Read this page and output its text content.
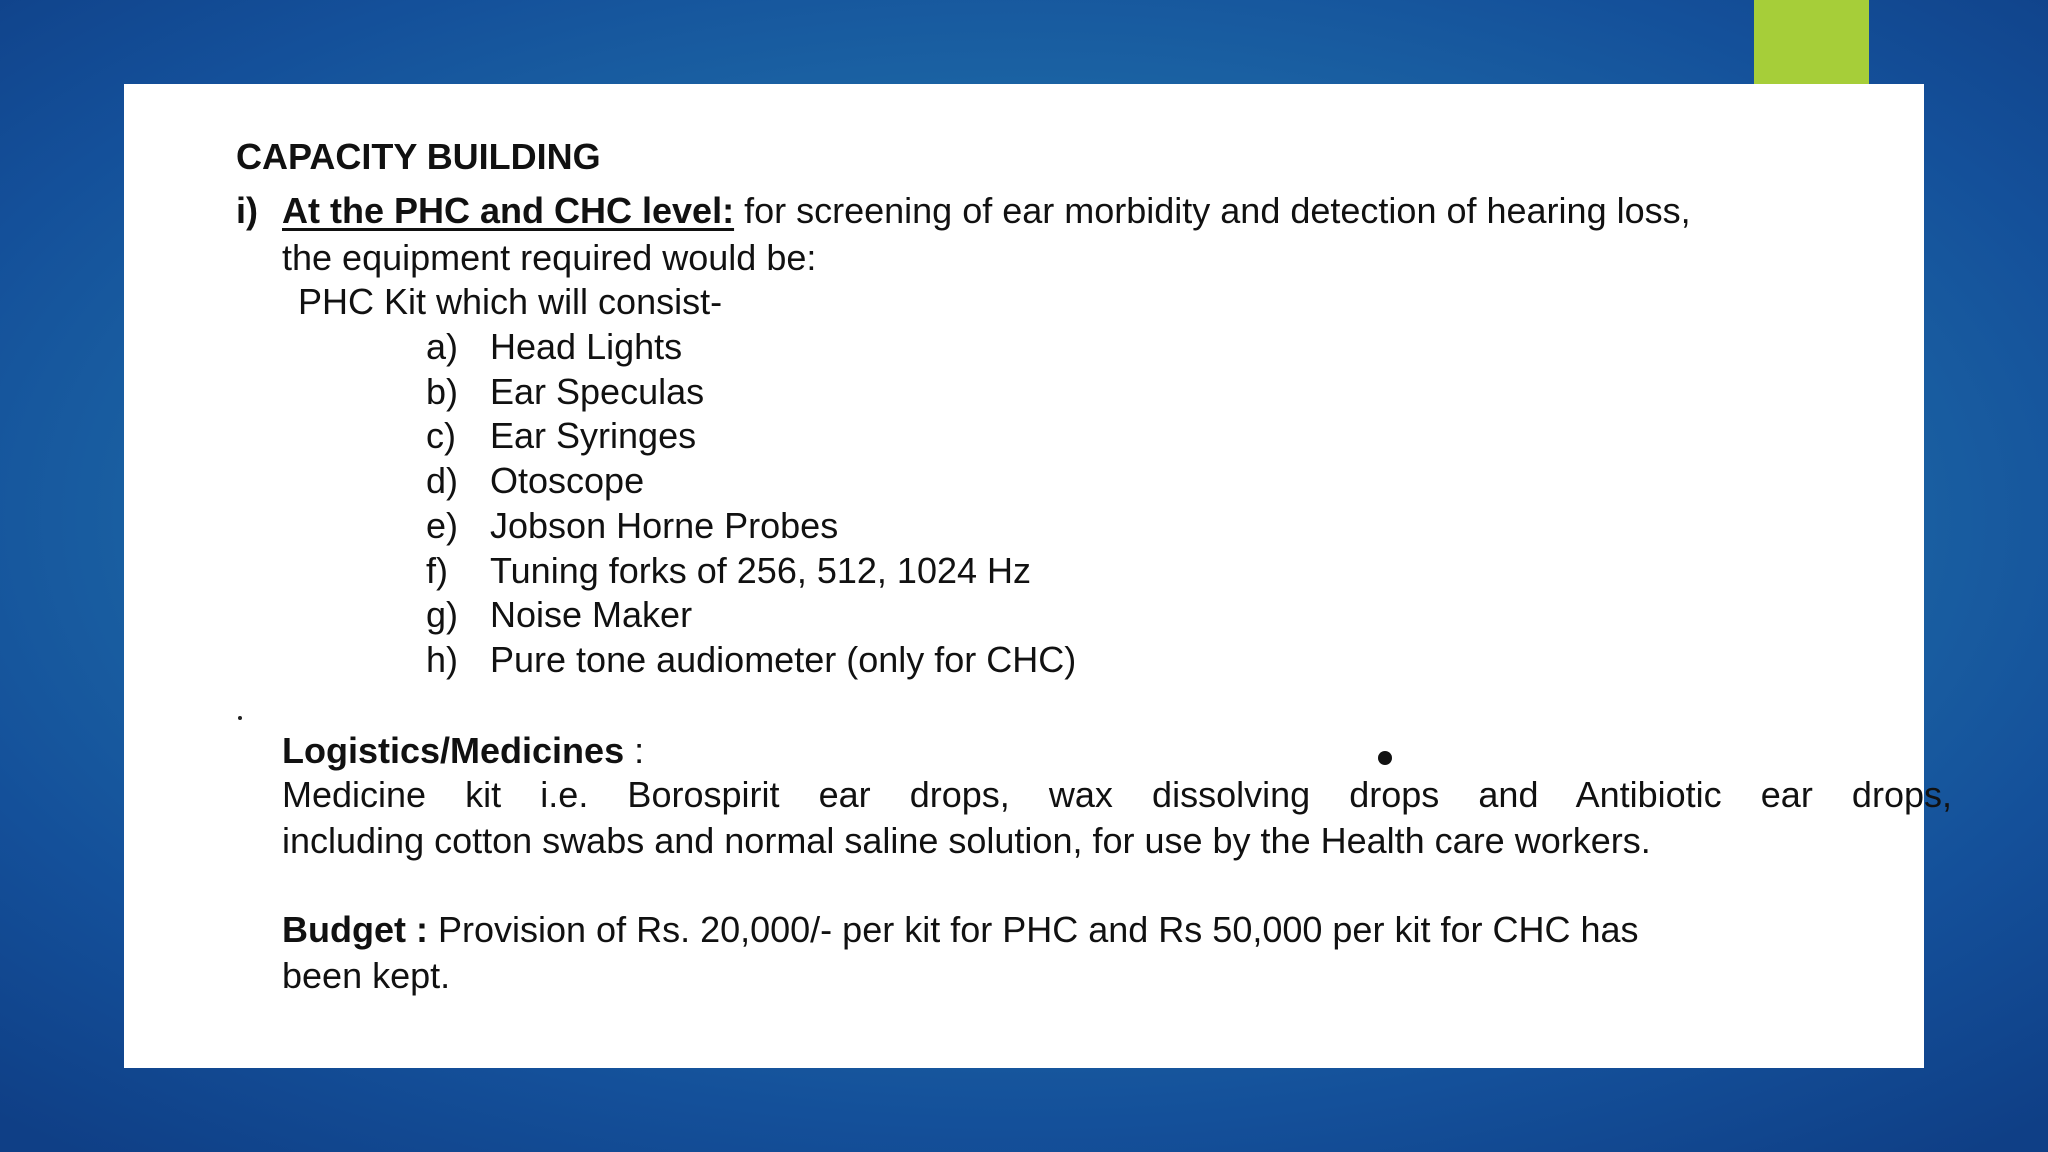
CAPACITY BUILDING
i) At the PHC and CHC level: for screening of ear morbidity and detection of hearing loss,
the equipment required would be:
PHC Kit which will consist-
a) Head Lights
b) Ear Speculas
c) Ear Syringes
d) Otoscope
e) Jobson Horne Probes
f) Tuning forks of 256, 512, 1024 Hz
g) Noise Maker
h) Pure tone audiometer (only for CHC)
Logistics/Medicines :
Medicine kit i.e. Borospirit ear drops, wax dissolving drops and Antibiotic ear drops,
including cotton swabs and normal saline solution, for use by the Health care workers.
Budget : Provision of Rs. 20,000/- per kit for PHC and Rs 50,000 per kit for CHC has
been kept.
